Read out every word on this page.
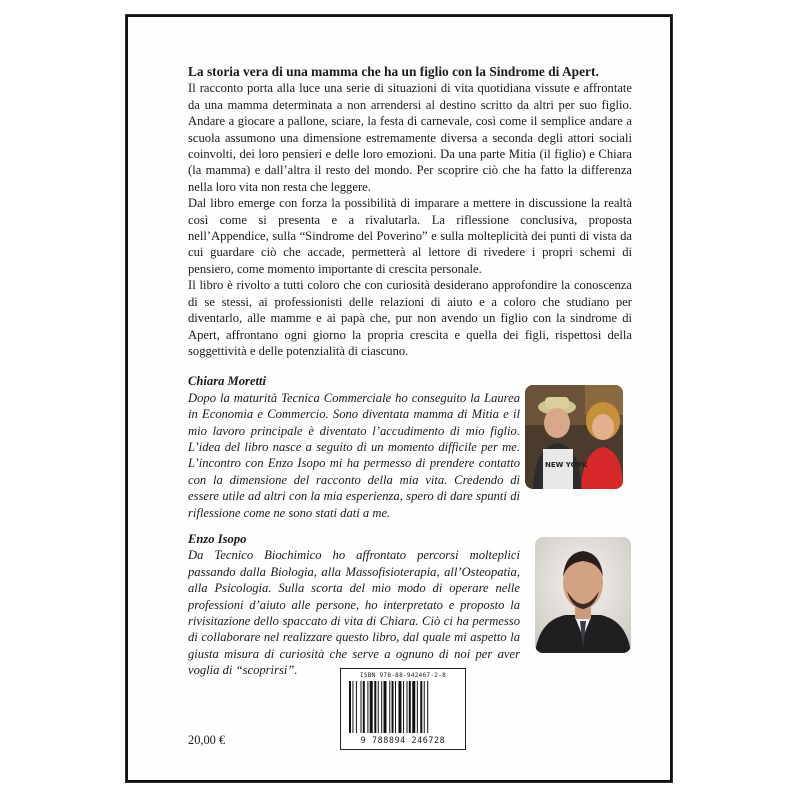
La storia vera di una mamma che ha un figlio con la Sindrome di Apert.

Il racconto porta alla luce una serie di situazioni di vita quotidiana vissute e affrontate da una mamma determinata a non arrendersi al destino scritto da altri per suo figlio. Andare a giocare a pallone, sciare, la festa di carnevale, così come il semplice andare a scuola assumono una dimensione estremamente diversa a seconda degli attori sociali coinvolti, dei loro pensieri e delle loro emozioni. Da una parte Mitia (il figlio) e Chiara (la mamma) e dall’altra il resto del mondo. Per scoprire ciò che ha fatto la differenza nella loro vita non resta che leggere.

Dal libro emerge con forza la possibilità di imparare a mettere in discussione la realtà così come si presenta e a rivalutarla. La riflessione conclusiva, proposta nell’Appendice, sulla “Sindrome del Poverino” e sulla molteplicità dei punti di vista da cui guardare ciò che accade, permetterà al lettore di rivedere i propri schemi di pensiero, come momento importante di crescita personale.

Il libro è rivolto a tutti coloro che con curiosità desiderano approfondire la conoscenza di se stessi, ai professionisti delle relazioni di aiuto e a coloro che studiano per diventarlo, alle mamme e ai papà che, pur non avendo un figlio con la sindrome di Apert, affrontano ogni giorno la propria crescita e quella dei figli, rispettosi della soggettività e delle potenzialità di ciascuno.

Chiara Moretti
Dopo la maturità Tecnica Commerciale ho conseguito la Laurea in Economia e Commercio. Sono diventata mamma di Mitia e il mio lavoro principale è diventato l’accudimento di mio figlio. L’idea del libro nasce a seguito di un momento difficile per me. L’incontro con Enzo Isopo mi ha permesso di prendere contatto con la dimensione del racconto della mia vita. Credendo di essere utile ad altri con la mia esperienza, spero di dare spunti di riflessione come ne sono stati dati a me.
NEW YORK
Enzo Isopo
Da Tecnico Biochimico ho affrontato percorsi molteplici passando dalla Biologia, alla Massofisioterapia, all’Osteopatia, alla Psicologia. Sulla scorta del mio modo di operare nelle professioni d’aiuto alle persone, ho interpretato e proposto la rivisitazione dello spaccato di vita di Chiara. Ciò ci ha permesso di collaborare nel realizzare questo libro, dal quale mi aspetto la giusta misura di curiosità che serve a ognuno di noi per aver voglia di “scoprirsi”.	ISBN 978-88-942467-2-8
9 788894 246728
20,00 €
